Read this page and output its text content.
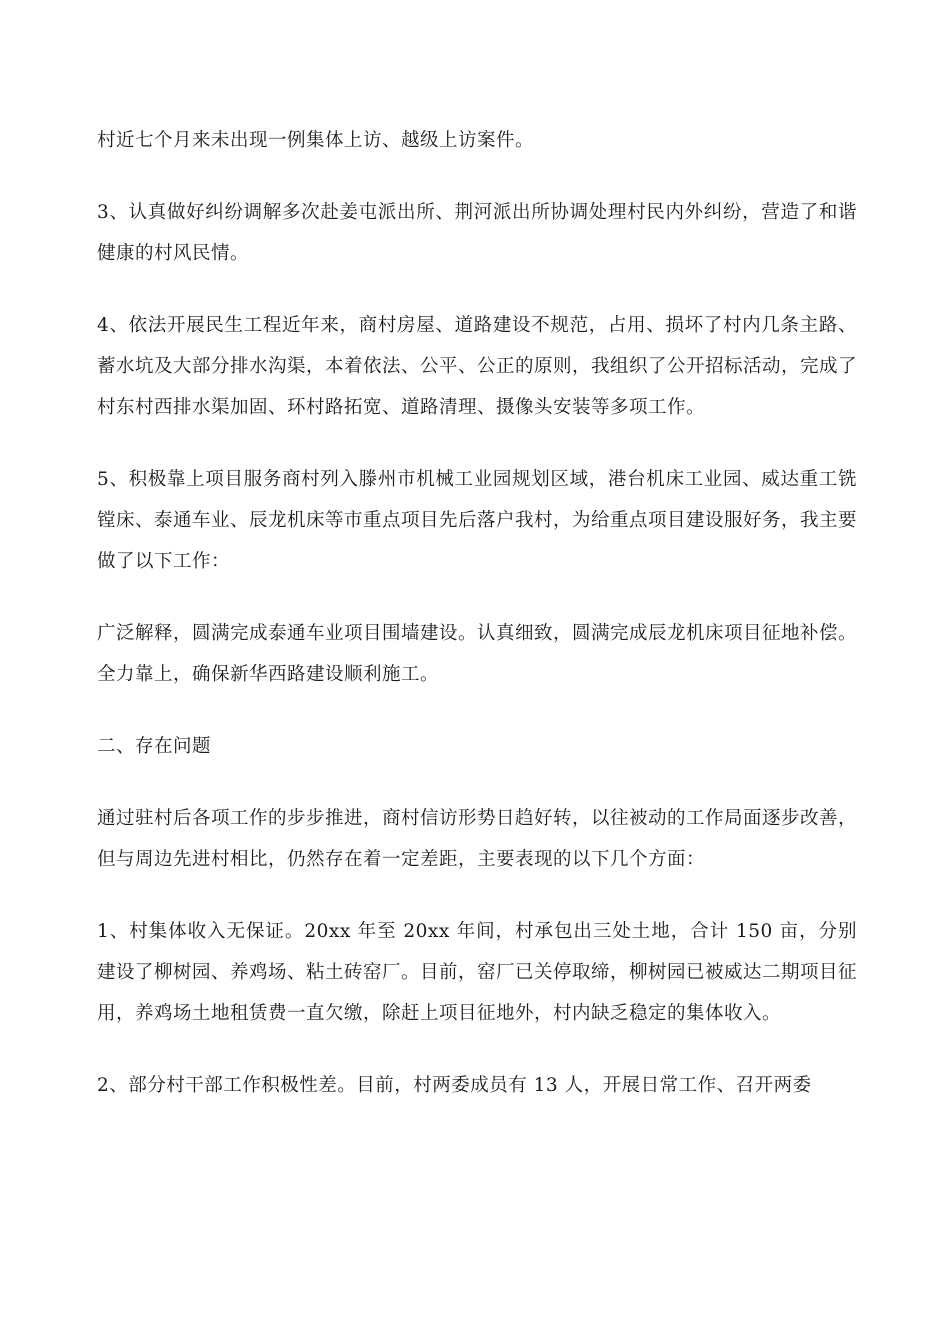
村近七个月来未出现一例集体上访、越级上访案件。

3、认真做好纠纷调解多次赴姜屯派出所、荆河派出所协调处理村民内外纠纷，营造了和谐健康的村风民情。

4、依法开展民生工程近年来，商村房屋、道路建设不规范，占用、损坏了村内几条主路、蓄水坑及大部分排水沟渠，本着依法、公平、公正的原则，我组织了公开招标活动，完成了村东村西排水渠加固、环村路拓宽、道路清理、摄像头安装等多项工作。

5、积极靠上项目服务商村列入滕州市机械工业园规划区域，港台机床工业园、威达重工铣镗床、泰通车业、辰龙机床等市重点项目先后落户我村，为给重点项目建设服好务，我主要做了以下工作：

广泛解释，圆满完成泰通车业项目围墙建设。认真细致，圆满完成辰龙机床项目征地补偿。全力靠上，确保新华西路建设顺利施工。

二、存在问题

通过驻村后各项工作的步步推进，商村信访形势日趋好转，以往被动的工作局面逐步改善，但与周边先进村相比，仍然存在着一定差距，主要表现的以下几个方面：

1、村集体收入无保证。20xx 年至 20xx 年间，村承包出三处土地，合计 150 亩，分别建设了柳树园、养鸡场、粘土砖窑厂。目前，窑厂已关停取缔，柳树园已被威达二期项目征用，养鸡场土地租赁费一直欠缴，除赶上项目征地外，村内缺乏稳定的集体收入。

2、部分村干部工作积极性差。目前，村两委成员有 13 人，开展日常工作、召开两委
